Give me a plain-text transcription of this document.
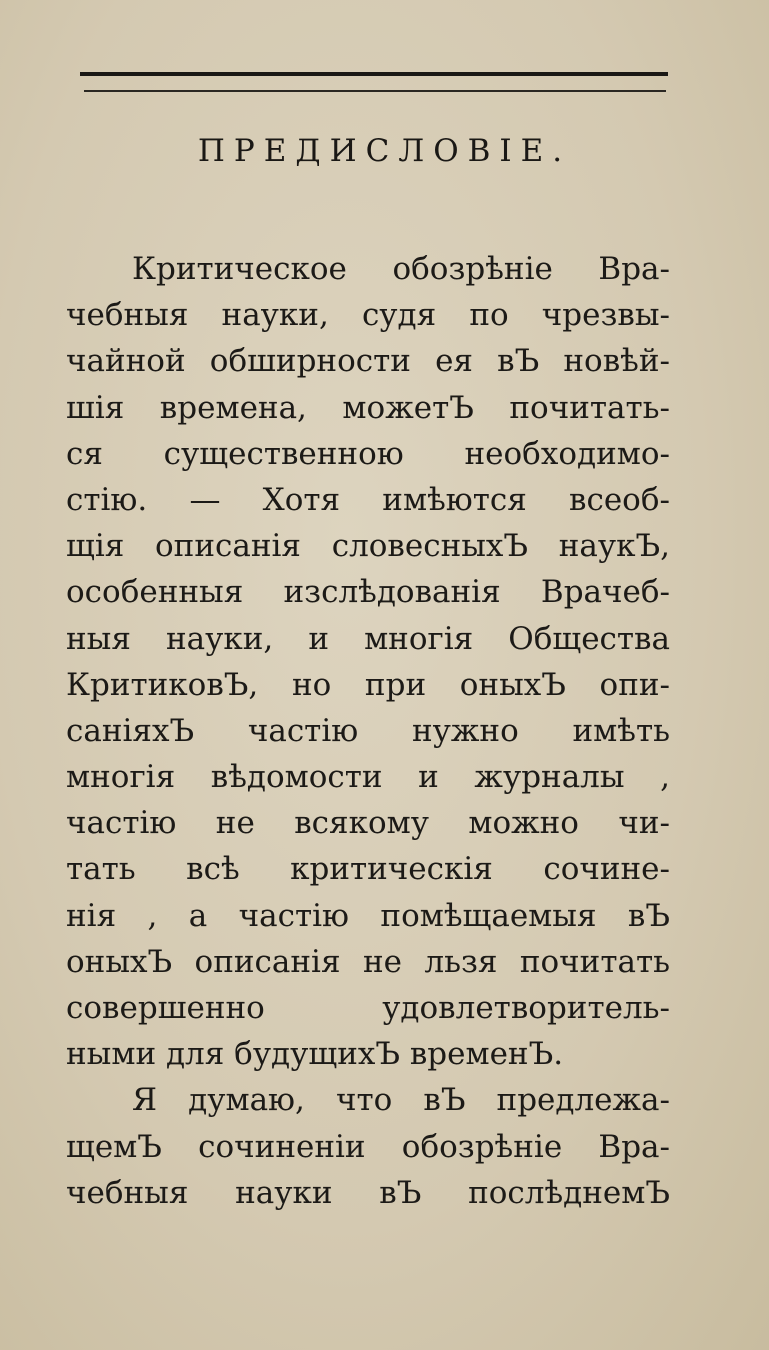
ПРЕДИСЛОВІЕ.
Критическое обозрѣніе Вра-
чебныя науки, судя по чрезвы-
чайной обширности ея вЪ новѣй-
шія времена, можетЪ почитать-
ся существенною необходимо-
стію. — Хотя имѣются всеоб-
щія описанія словесныхЪ наукЪ,
особенныя изслѣдованія Врачеб-
ныя науки, и многія Общества
КритиковЪ, но при оныхЪ опи-
саніяхЪ частію нужно имѣть
многія вѣдомости и журналы ,
частію не всякому можно чи-
тать всѣ критическія сочине-
нія , а частію помѣщаемыя вЪ
оныхЪ описанія не льзя почитать
совершенно удовлетворитель-
ными для будущихЪ временЪ.
Я думаю, что вЪ предлежа-
щемЪ сочиненіи обозрѣніе Вра-
чебныя науки вЪ послѣднемЪ
